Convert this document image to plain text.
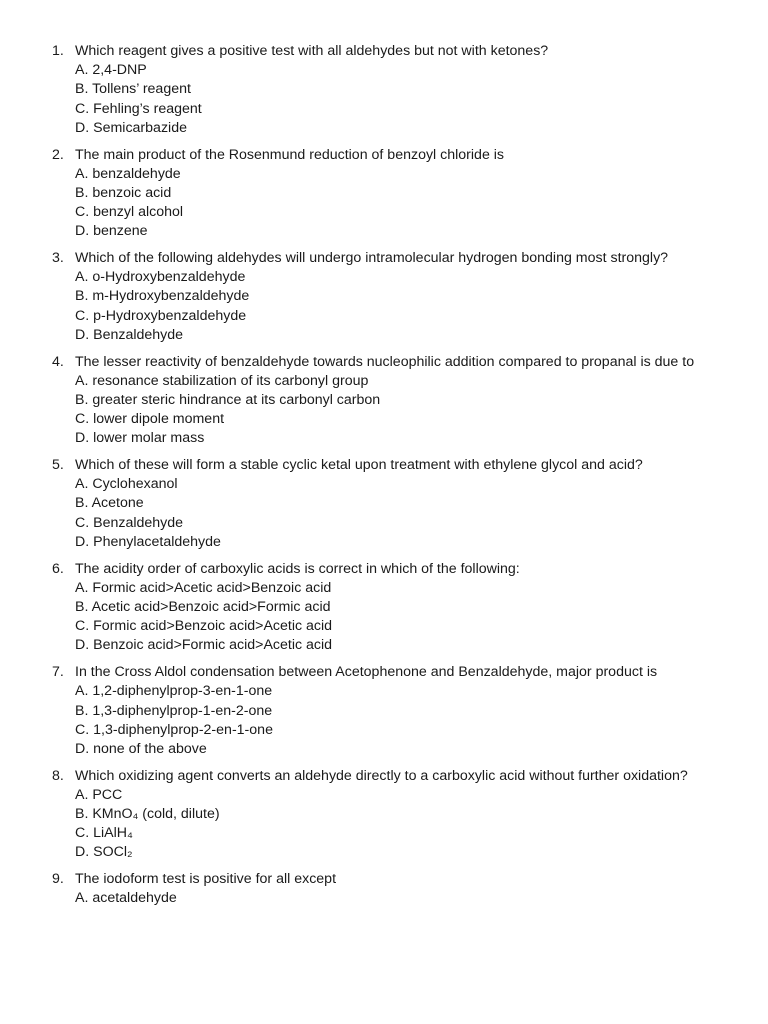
1. Which reagent gives a positive test with all aldehydes but not with ketones?
A. 2,4-DNP
B. Tollens’ reagent
C. Fehling’s reagent
D. Semicarbazide
2. The main product of the Rosenmund reduction of benzoyl chloride is
A. benzaldehyde
B. benzoic acid
C. benzyl alcohol
D. benzene
3. Which of the following aldehydes will undergo intramolecular hydrogen bonding most strongly?
A. o-Hydroxybenzaldehyde
B. m-Hydroxybenzaldehyde
C. p-Hydroxybenzaldehyde
D. Benzaldehyde
4. The lesser reactivity of benzaldehyde towards nucleophilic addition compared to propanal is due to
A. resonance stabilization of its carbonyl group
B. greater steric hindrance at its carbonyl carbon
C. lower dipole moment
D. lower molar mass
5. Which of these will form a stable cyclic ketal upon treatment with ethylene glycol and acid?
A. Cyclohexanol
B. Acetone
C. Benzaldehyde
D. Phenylacetaldehyde
6. The acidity order of carboxylic acids is correct in which of the following:
A. Formic acid>Acetic acid>Benzoic acid
B. Acetic acid>Benzoic acid>Formic acid
C. Formic acid>Benzoic acid>Acetic acid
D. Benzoic acid>Formic acid>Acetic acid
7. In the Cross Aldol condensation between Acetophenone and Benzaldehyde, major product is
A. 1,2-diphenylprop-3-en-1-one
B. 1,3-diphenylprop-1-en-2-one
C. 1,3-diphenylprop-2-en-1-one
D. none of the above
8. Which oxidizing agent converts an aldehyde directly to a carboxylic acid without further oxidation?
A. PCC
B. KMnO₄ (cold, dilute)
C. LiAlH₄
D. SOCl₂
9. The iodoform test is positive for all except
A. acetaldehyde
